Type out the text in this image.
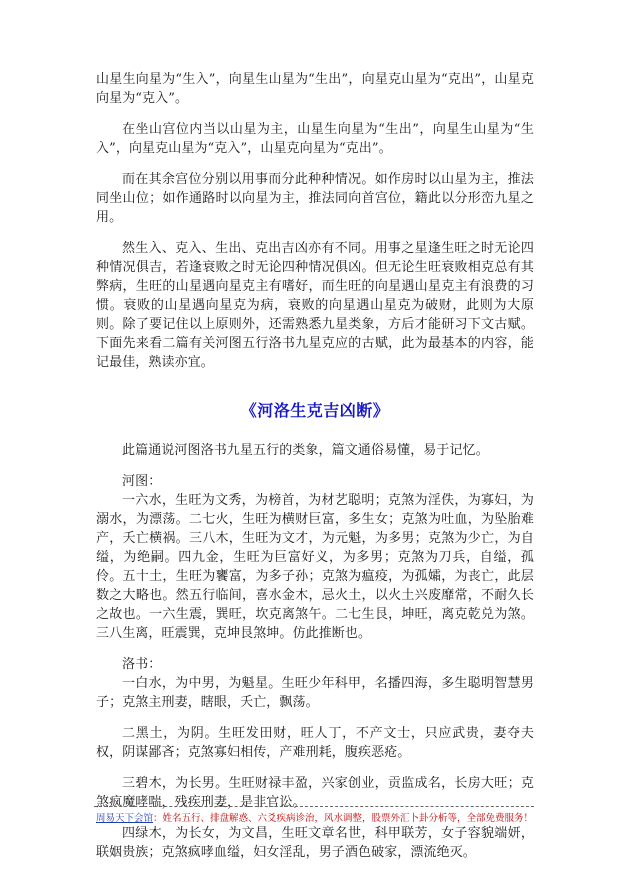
山星生向星为“生入”，向星生山星为“生出”，向星克山星为“克出”，山星克向星为“克入”。

在坐山宫位内当以山星为主，山星生向星为“生出”，向星生山星为“生入”，向星克山星为“克入”，山星克向星为“克出”。

而在其余宫位分别以用事而分此种种情况。如作房时以山星为主，推法同坐山位；如作通路时以向星为主，推法同向首宫位，籍此以分形峦九星之用。

然生入、克入、生出、克出吉凶亦有不同。用事之星逢生旺之时无论四种情况俱吉，若逢衰败之时无论四种情况俱凶。但无论生旺衰败相克总有其弊病，生旺的山星遇向星克主有嗜好，而生旺的向星遇山星克主有浪费的习惯。衰败的山星遇向星克为病，衰败的向星遇山星克为破财，此则为大原则。除了要记住以上原则外，还需熟悉九星类象，方后才能研习下文古赋。下面先来看二篇有关河图五行洛书九星克应的古赋，此为最基本的内容，能记最佳，熟读亦宜。

《河洛生克吉凶断》

此篇通说河图洛书九星五行的类象，篇文通俗易懂，易于记忆。

河图：

一六水，生旺为文秀，为榜首，为材艺聪明；克煞为淫佚，为寡妇，为溺水，为漂荡。二七火，生旺为横财巨富，多生女；克煞为吐血，为坠胎难产，夭亡横祸。三八木，生旺为文才，为元魁，为多男；克煞为少亡，为自缢，为绝嗣。四九金，生旺为巨富好义，为多男；克煞为刀兵，自缢，孤伶。五十土，生旺为饔富，为多子孙；克煞为瘟疫，为孤孀，为丧亡，此层数之大略也。然五行临间，喜水金木，忌火土，以火土兴废靡常，不耐久长之故也。一六生震，巽旺，坎克离煞午。二七生艮，坤旺，离克乾兑为煞。三八生离，旺震巽，克坤艮煞坤。仿此推断也。

洛书：

一白水，为中男，为魁星。生旺少年科甲，名播四海，多生聪明智慧男子；克煞主刑妻，瞎眼，夭亡，飘荡。

二黑土，为阴。生旺发田财，旺人丁，不产文士，只应武贵，妻夺夫权，阴谋鄙吝；克煞寡妇相传，产难刑耗，腹疾恶疮。

三碧木，为长男。生旺财禄丰盈，兴家创业，贡监成名，长房大旺；克煞疯魔哮喘，残疾刑妻，是非官讼。

四绿木，为长女，为文昌，生旺文章名世，科甲联芳，女子容貌端妍，联姻贵族；克煞疯哮血缢，妇女淫乱，男子酒色破家，漂流绝灭。

周易天下会馆：姓名五行、排盘解惑、六爻疾病诊治，风水调整，股票外汇卜卦分析等，全部免费服务！
